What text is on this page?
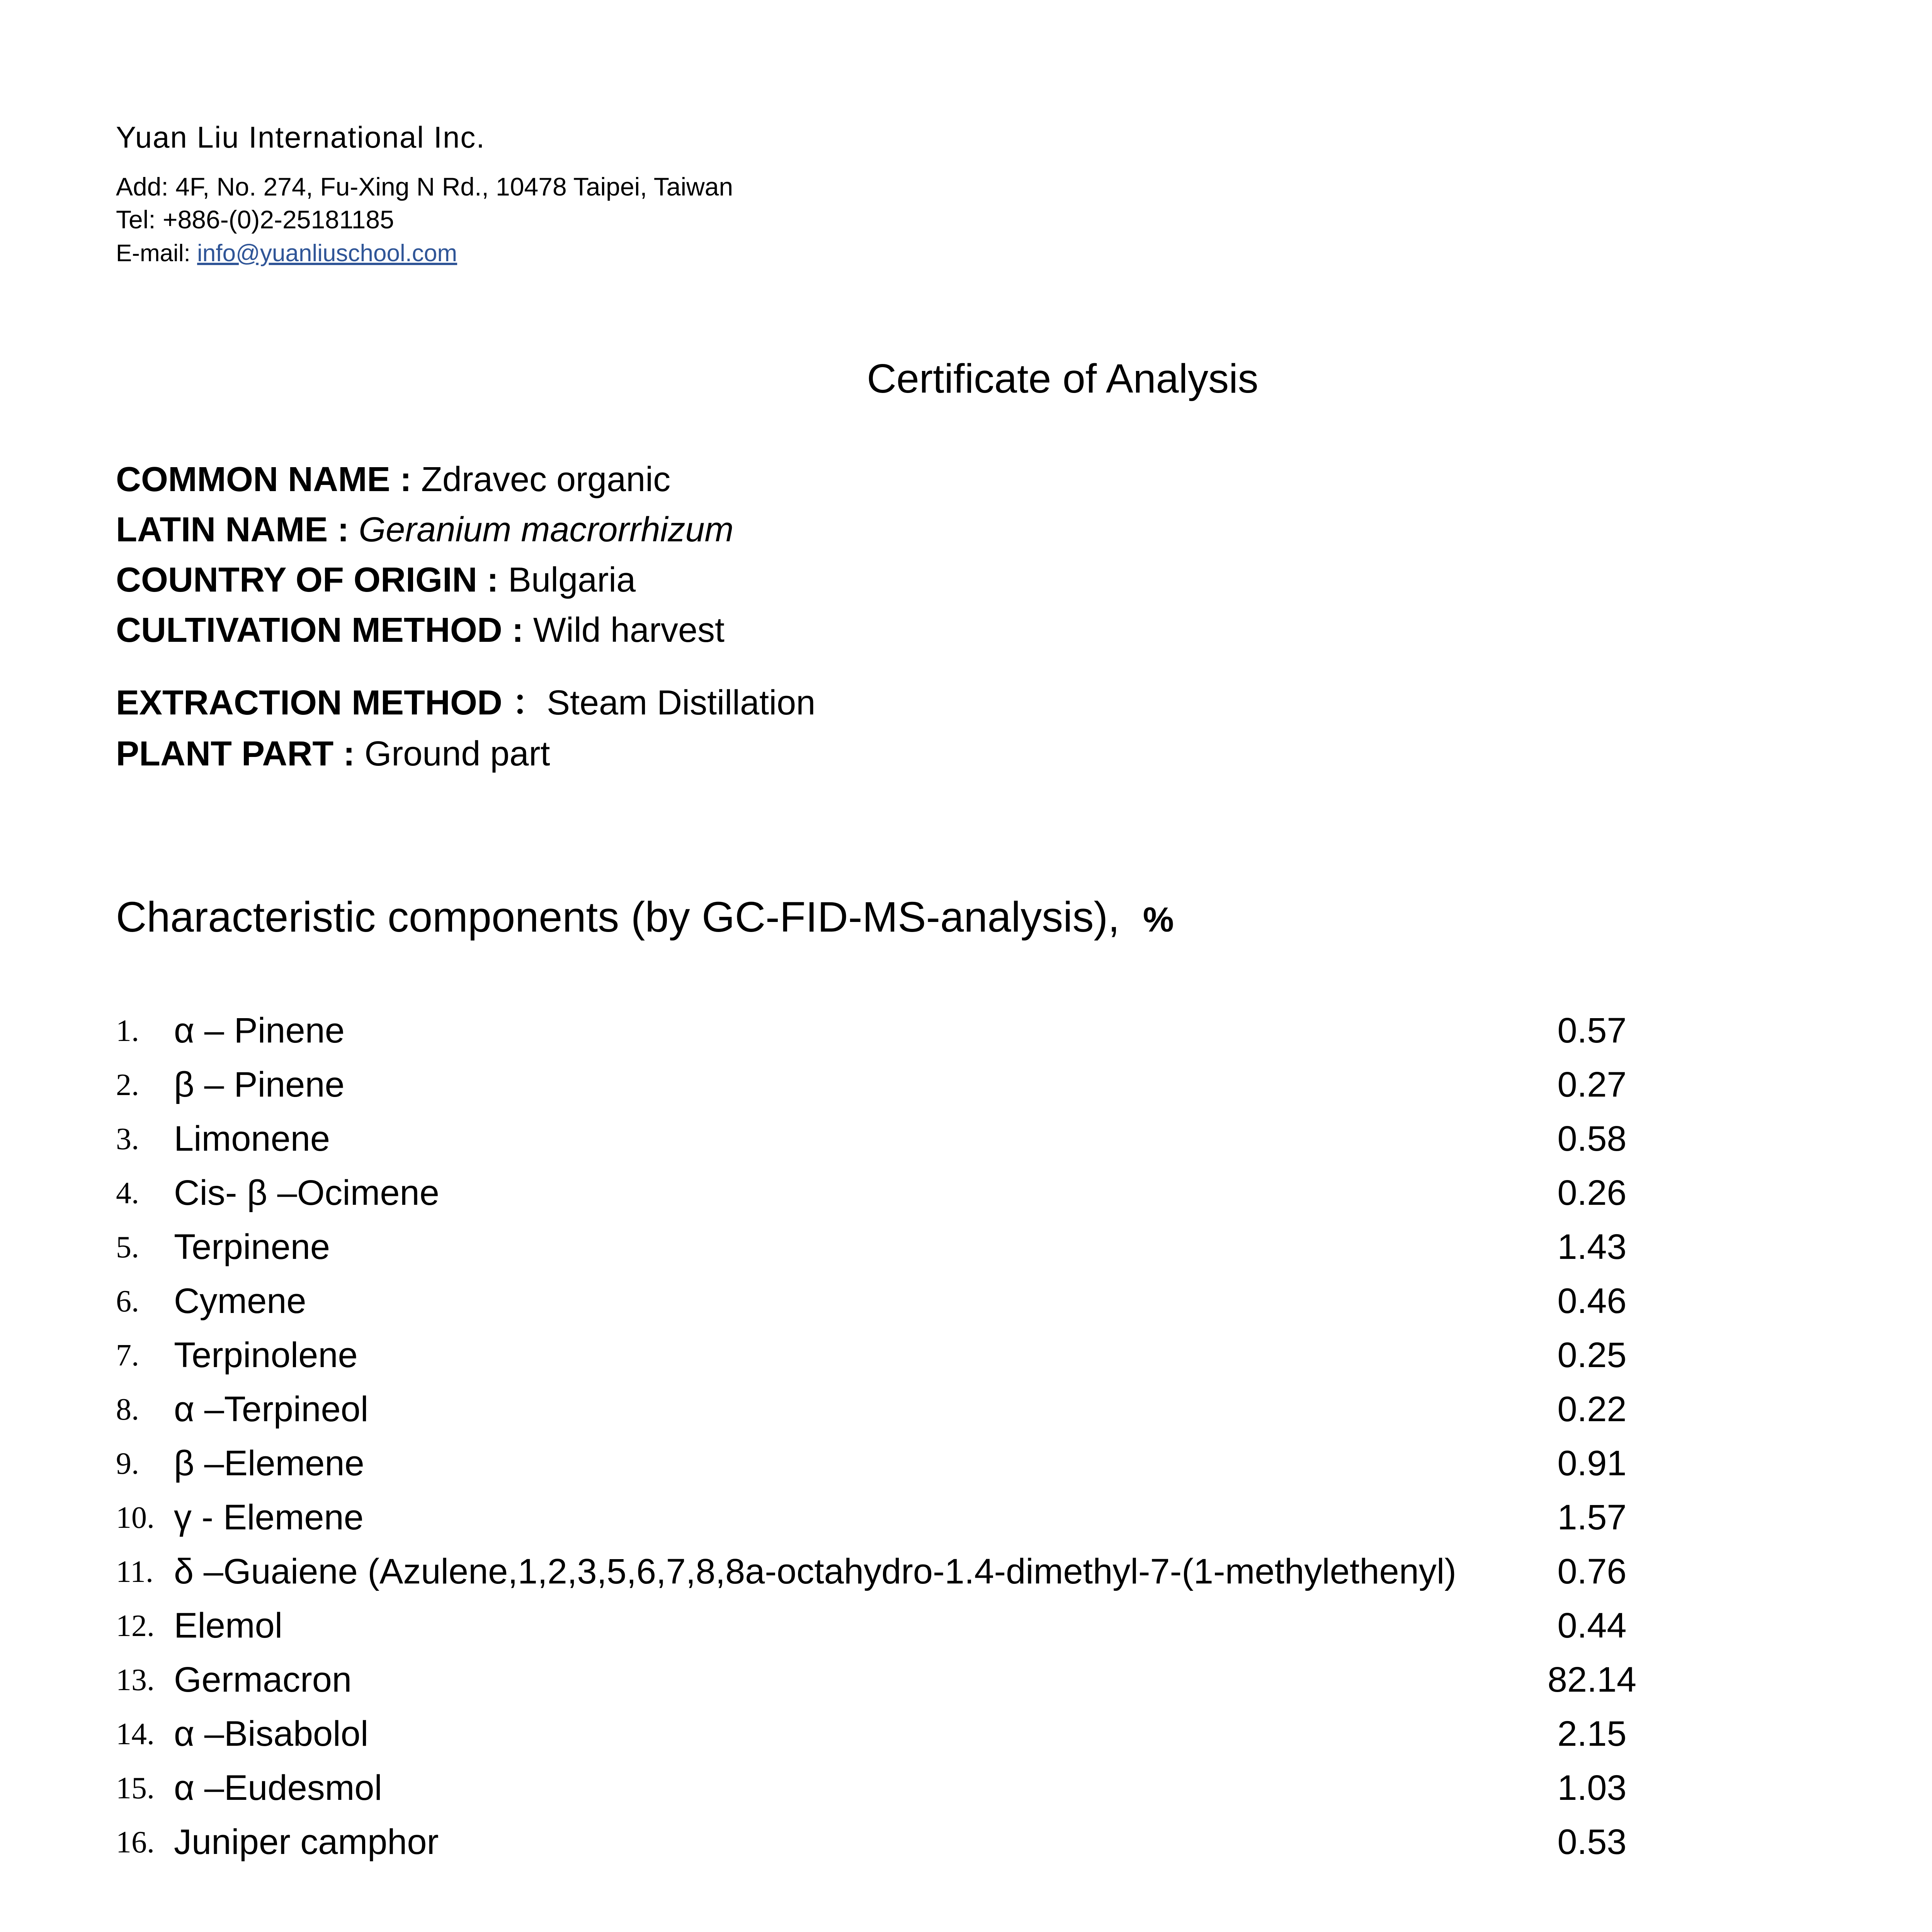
Yuan Liu International Inc.
Add: 4F, No. 274, Fu-Xing N Rd., 10478 Taipei, Taiwan
Tel: +886-(0)2-25181185
E-mail: info@yuanliuschool.com
Certificate of Analysis
COMMON NAME : Zdravec organic
LATIN NAME : Geranium macrorrhizum
COUNTRY OF ORIGIN : Bulgaria
CULTIVATION METHOD : Wild harvest
EXTRACTION METHOD ：Steam Distillation
PLANT PART : Ground part
Characteristic components (by GC-FID-MS-analysis), %
1. α – Pinene	0.57
2. β – Pinene	0.27
3. Limonene	0.58
4. Cis- β –Ocimene	0.26
5. Terpinene	1.43
6. Cymene	0.46
7. Terpinolene	0.25
8. α –Terpineol	0.22
9. β –Elemene	0.91
10. γ - Elemene	1.57
11. δ –Guaiene (Azulene,1,2,3,5,6,7,8,8a-octahydro-1.4-dimethyl-7-(1-methylethenyl)	0.76
12. Elemol	0.44
13. Germacron	82.14
14. α –Bisabolol	2.15
15. α –Eudesmol	1.03
16. Juniper camphor	0.53
